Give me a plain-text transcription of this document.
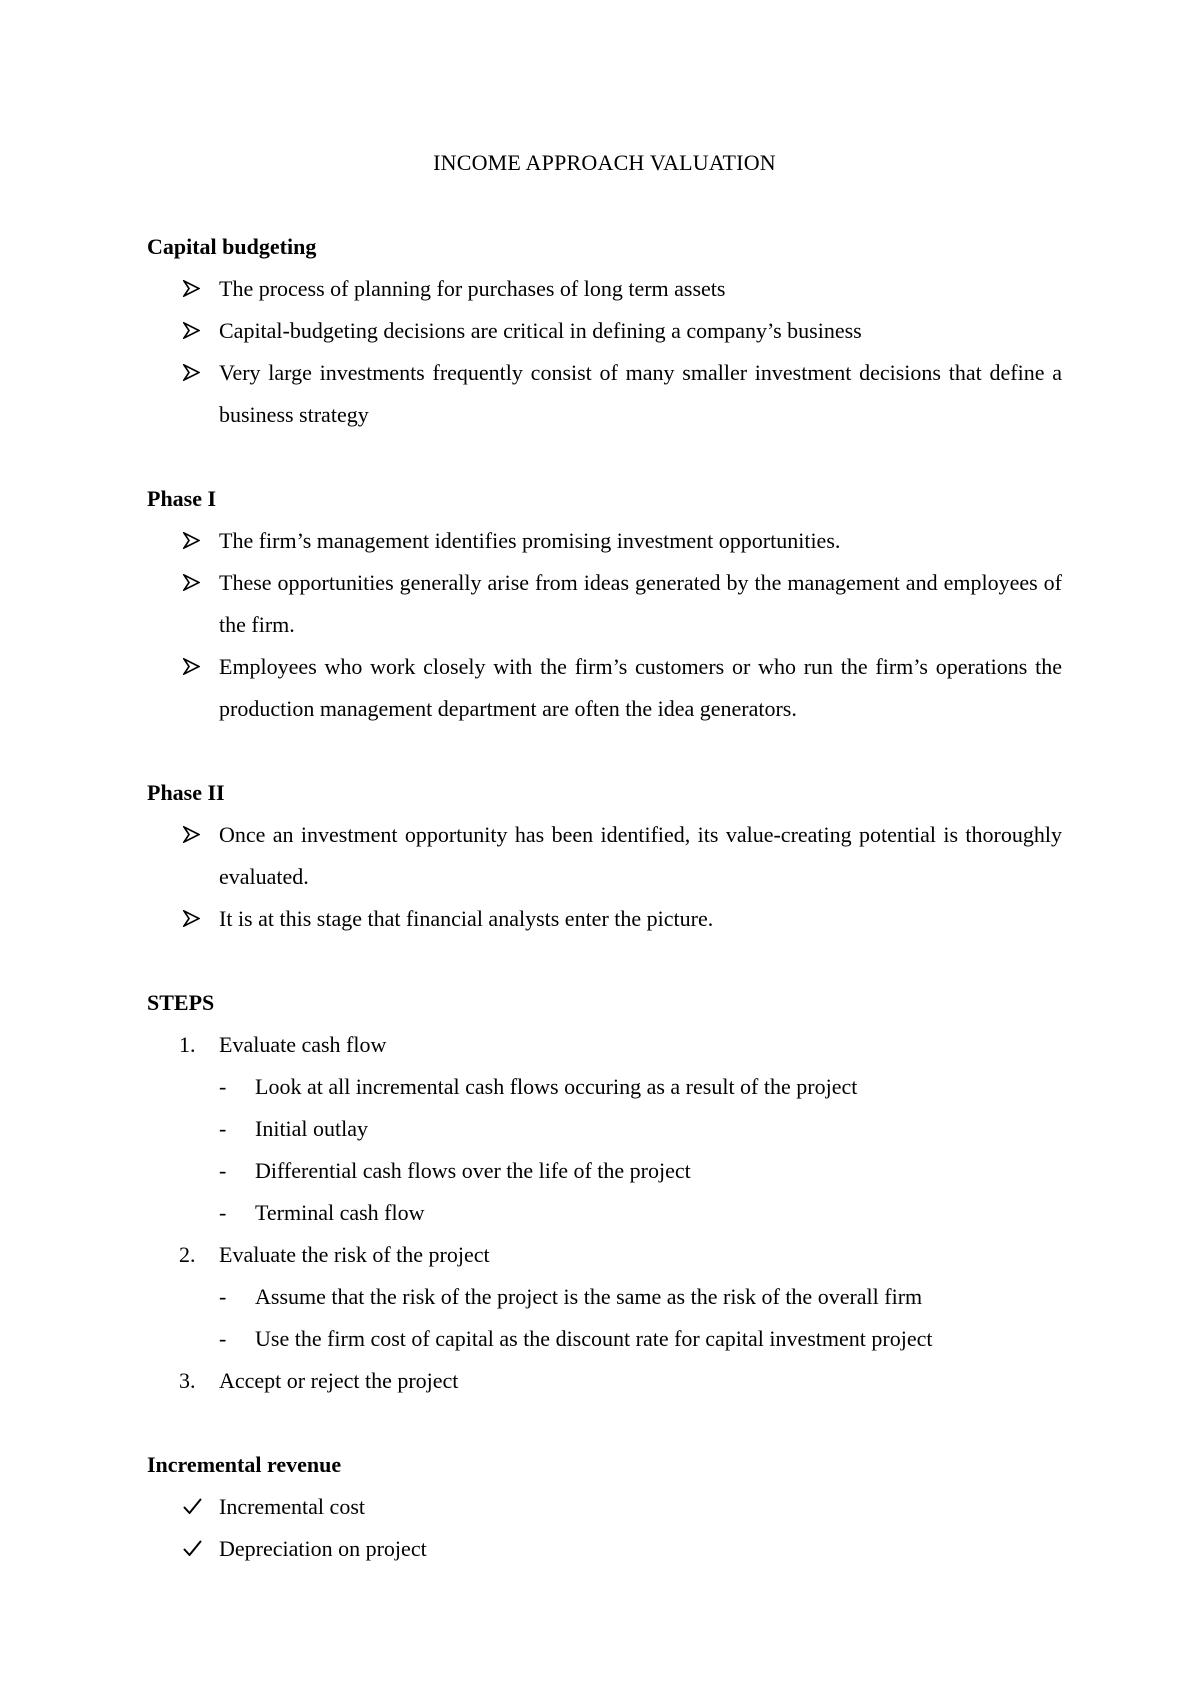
INCOME APPROACH VALUATION
Capital budgeting
The process of planning for purchases of long term assets
Capital-budgeting decisions are critical in defining a company’s business
Very large investments frequently consist of many smaller investment decisions that define a business strategy
Phase I
The firm’s management identifies promising investment opportunities.
These opportunities generally arise from ideas generated by the management and employees of the firm.
Employees who work closely with the firm’s customers or who run the firm’s operations the production management department are often the idea generators.
Phase II
Once an investment opportunity has been identified, its value-creating potential is thoroughly evaluated.
It is at this stage that financial analysts enter the picture.
STEPS
1. Evaluate cash flow
- Look at all incremental cash flows occuring as a result of the project
- Initial outlay
- Differential cash flows over the life of the project
- Terminal cash flow
2. Evaluate the risk of the project
- Assume that the risk of the project is the same as the risk of the overall firm
- Use the firm cost of capital as the discount rate for capital investment project
3. Accept or reject the project
Incremental revenue
Incremental cost
Depreciation on project
